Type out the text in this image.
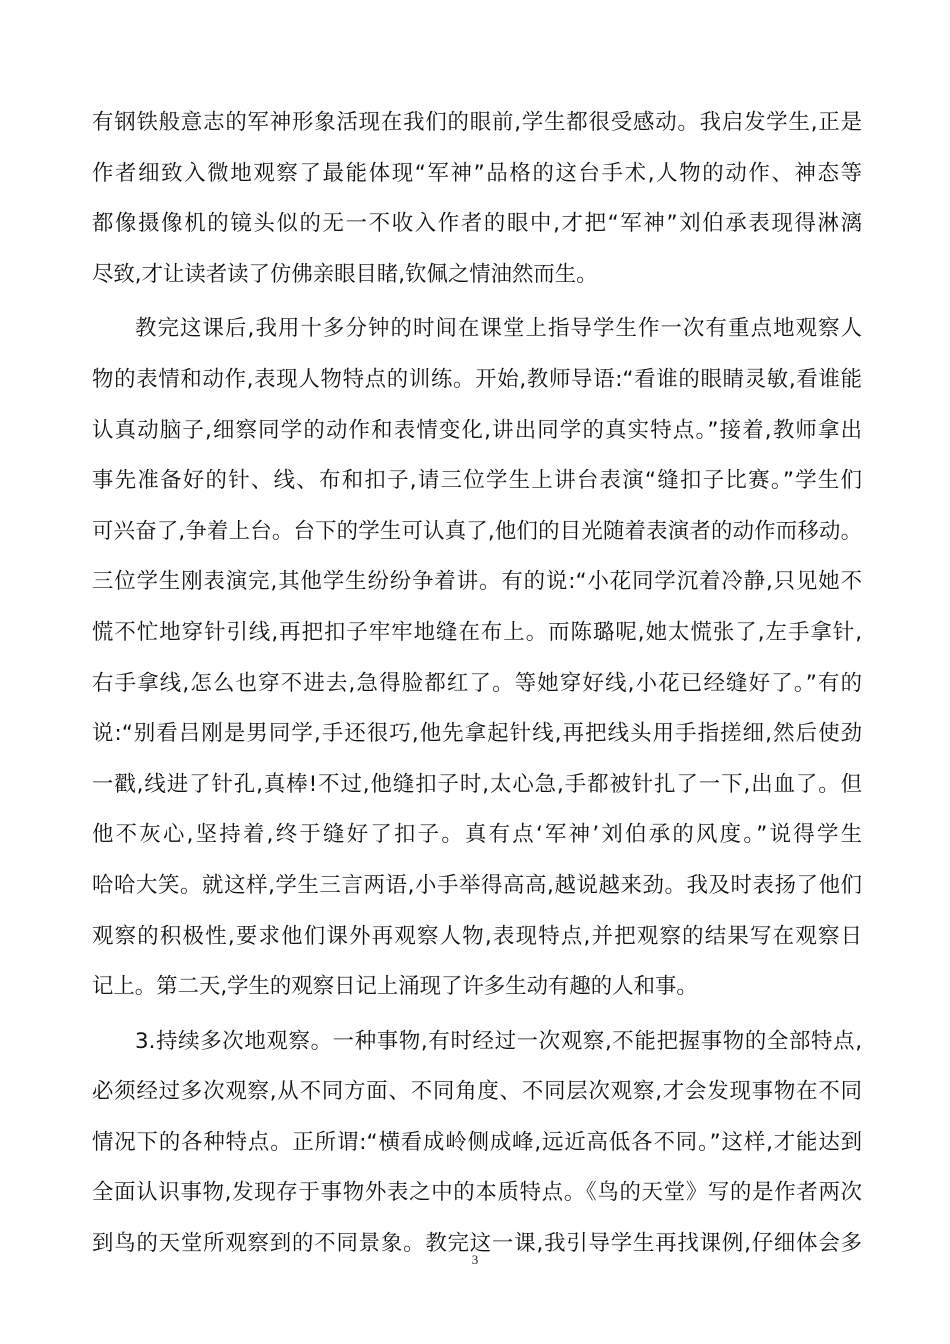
有钢铁般意志的军神形象活现在我们的眼前,学生都很受感动。我启发学生,正是
作者细致入微地观察了最能体现“军神”品格的这台手术,人物的动作、神态等
都像摄像机的镜头似的无一不收入作者的眼中,才把“军神”刘伯承表现得淋漓
尽致,才让读者读了仿佛亲眼目睹,钦佩之情油然而生。
教完这课后,我用十多分钟的时间在课堂上指导学生作一次有重点地观察人
物的表情和动作,表现人物特点的训练。开始,教师导语:“看谁的眼睛灵敏,看谁能
认真动脑子,细察同学的动作和表情变化,讲出同学的真实特点。”接着,教师拿出
事先准备好的针、线、布和扣子,请三位学生上讲台表演“缝扣子比赛。”学生们
可兴奋了,争着上台。台下的学生可认真了,他们的目光随着表演者的动作而移动。
三位学生刚表演完,其他学生纷纷争着讲。有的说:“小花同学沉着冷静,只见她不
慌不忙地穿针引线,再把扣子牢牢地缝在布上。而陈璐呢,她太慌张了,左手拿针,
右手拿线,怎么也穿不进去,急得脸都红了。等她穿好线,小花已经缝好了。”有的
说:“别看吕刚是男同学,手还很巧,他先拿起针线,再把线头用手指搓细,然后使劲
一戳,线进了针孔,真棒!不过,他缝扣子时,太心急,手都被针扎了一下,出血了。但
他不灰心,坚持着,终于缝好了扣子。真有点‘军神’刘伯承的风度。”说得学生
哈哈大笑。就这样,学生三言两语,小手举得高高,越说越来劲。我及时表扬了他们
观察的积极性,要求他们课外再观察人物,表现特点,并把观察的结果写在观察日
记上。第二天,学生的观察日记上涌现了许多生动有趣的人和事。
3.持续多次地观察。一种事物,有时经过一次观察,不能把握事物的全部特点,
必须经过多次观察,从不同方面、不同角度、不同层次观察,才会发现事物在不同
情况下的各种特点。正所谓:“横看成岭侧成峰,远近高低各不同。”这样,才能达到
全面认识事物,发现存于事物外表之中的本质特点。《鸟的天堂》写的是作者两次
到鸟的天堂所观察到的不同景象。教完这一课,我引导学生再找课例,仔细体会多
3
